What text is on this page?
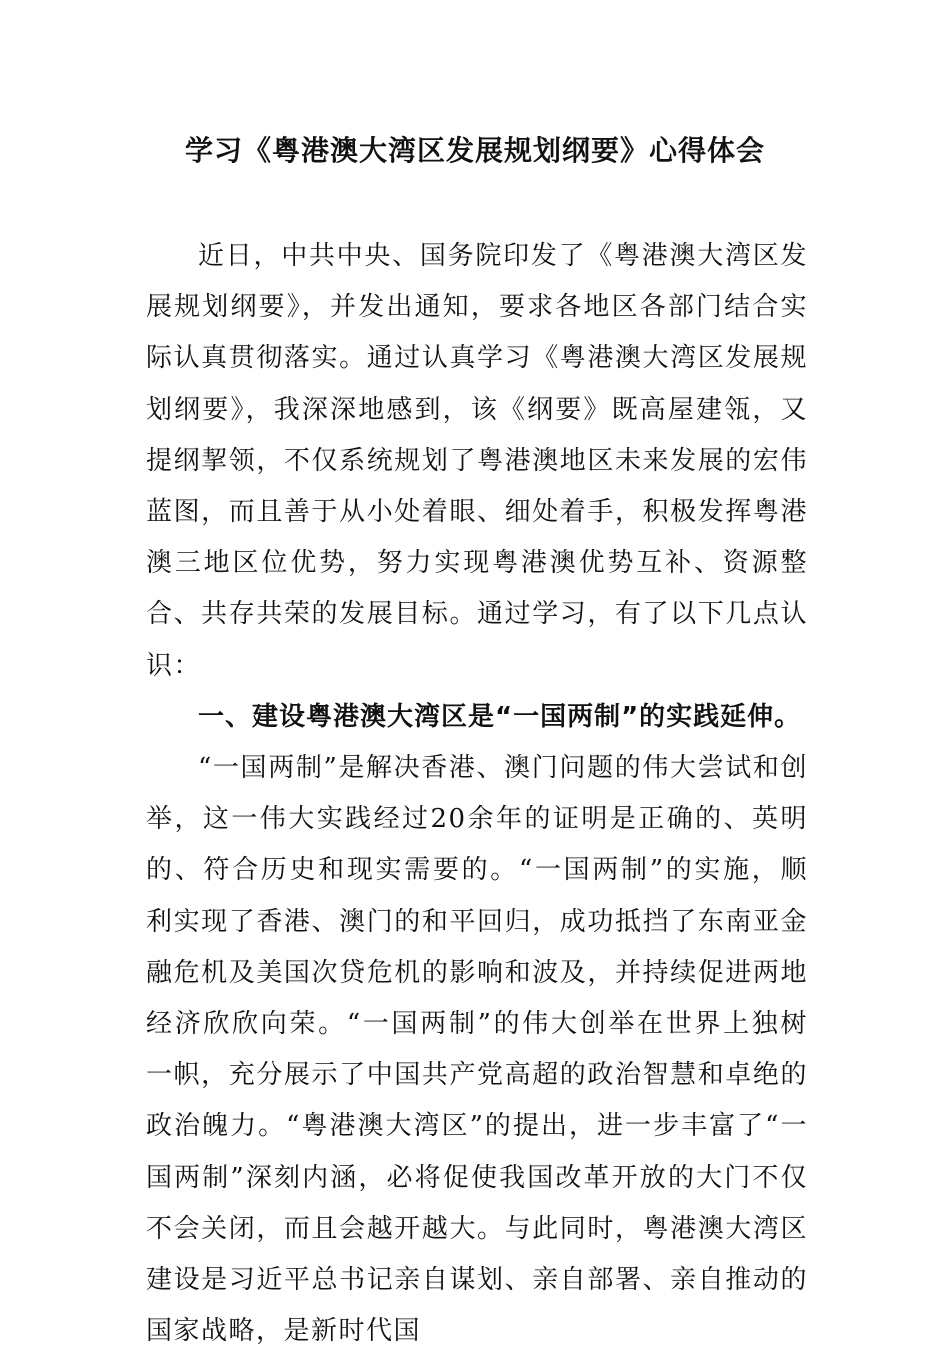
学习《粤港澳大湾区发展规划纲要》心得体会

近日，中共中央、国务院印发了《粤港澳大湾区发展规划纲要》，并发出通知，要求各地区各部门结合实际认真贯彻落实。通过认真学习《粤港澳大湾区发展规划纲要》，我深深地感到，该《纲要》既高屋建瓴，又提纲挈领，不仅系统规划了粤港澳地区未来发展的宏伟蓝图，而且善于从小处着眼、细处着手，积极发挥粤港澳三地区位优势，努力实现粤港澳优势互补、资源整合、共存共荣的发展目标。通过学习，有了以下几点认识：

一、建设粤港澳大湾区是“一国两制”的实践延伸。

“一国两制”是解决香港、澳门问题的伟大尝试和创举，这一伟大实践经过20余年的证明是正确的、英明的、符合历史和现实需要的。“一国两制”的实施，顺利实现了香港、澳门的和平回归，成功抵挡了东南亚金融危机及美国次贷危机的影响和波及，并持续促进两地经济欣欣向荣。“一国两制”的伟大创举在世界上独树一帜，充分展示了中国共产党高超的政治智慧和卓绝的政治魄力。“粤港澳大湾区”的提出，进一步丰富了“一国两制”深刻内涵，必将促使我国改革开放的大门不仅不会关闭，而且会越开越大。与此同时，粤港澳大湾区建设是习近平总书记亲自谋划、亲自部署、亲自推动的国家战略，是新时代国
